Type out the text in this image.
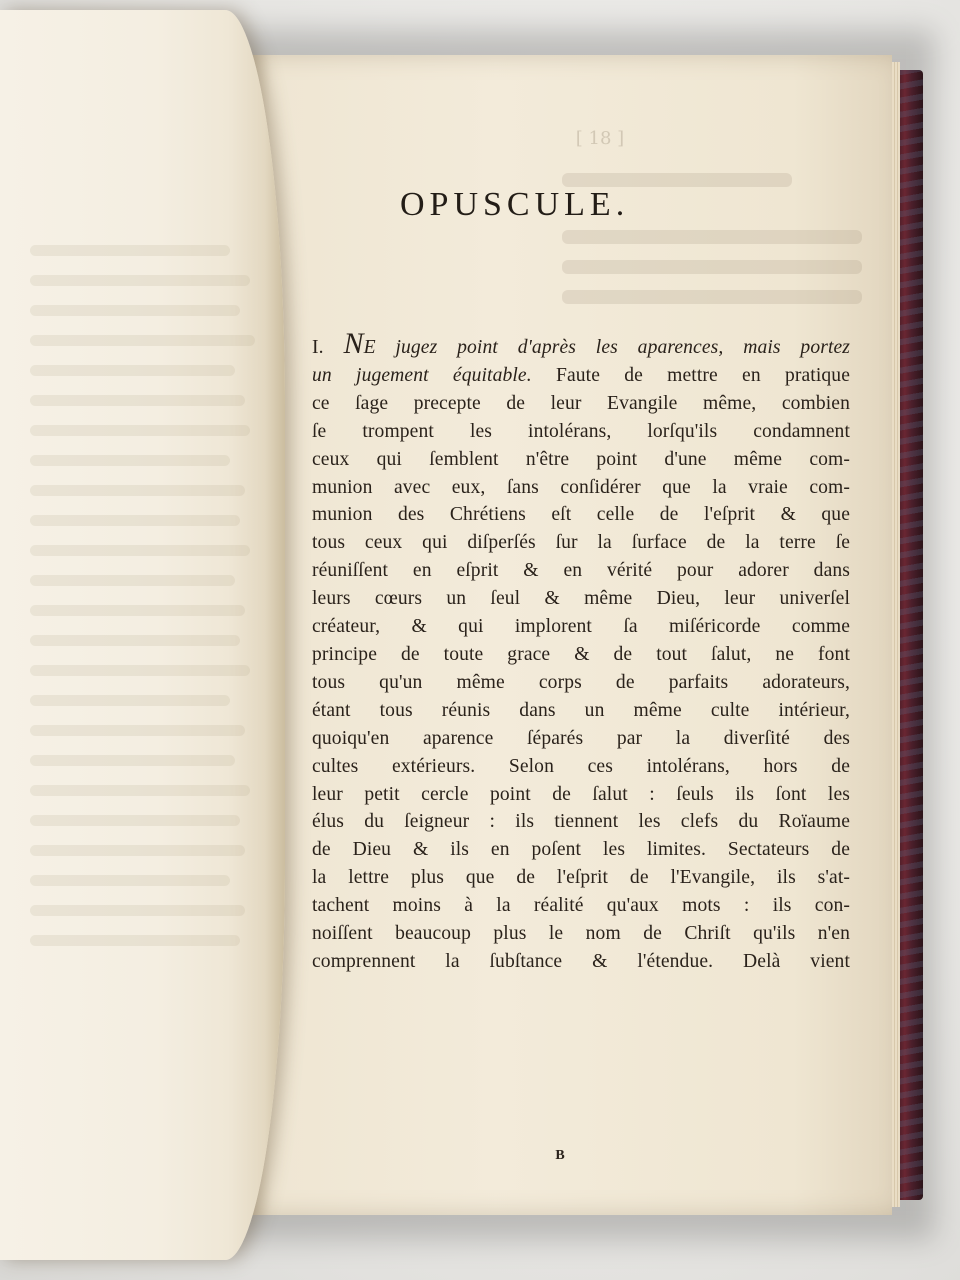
[ 18 ]
OPUSCULE.
I. NE jugez point d'après les aparences, mais portez
un jugement équitable. Faute de mettre en pratique
ce ſage precepte de leur Evangile même, combien
ſe trompent les intolérans, lorſqu'ils condamnent
ceux qui ſemblent n'être point d'une même com-
munion avec eux, ſans conſidérer que la vraie com-
munion des Chrétiens eſt celle de l'eſprit & que
tous ceux qui diſperſés ſur la ſurface de la terre ſe
réuniſſent en eſprit & en vérité pour adorer dans
leurs cœurs un ſeul & même Dieu, leur univerſel
créateur, & qui implorent ſa miſéricorde comme
principe de toute grace & de tout ſalut, ne font
tous qu'un même corps de parfaits adorateurs,
étant tous réunis dans un même culte intérieur,
quoiqu'en aparence ſéparés par la diverſité des
cultes extérieurs. Selon ces intolérans, hors de
leur petit cercle point de ſalut : ſeuls ils ſont les
élus du ſeigneur : ils tiennent les clefs du Roïaume
de Dieu & ils en poſent les limites. Sectateurs de
la lettre plus que de l'eſprit de l'Evangile, ils s'at-
tachent moins à la réalité qu'aux mots : ils con-
noiſſent beaucoup plus le nom de Chriſt qu'ils n'en
comprennent la ſubſtance & l'étendue. Delà vient
B
